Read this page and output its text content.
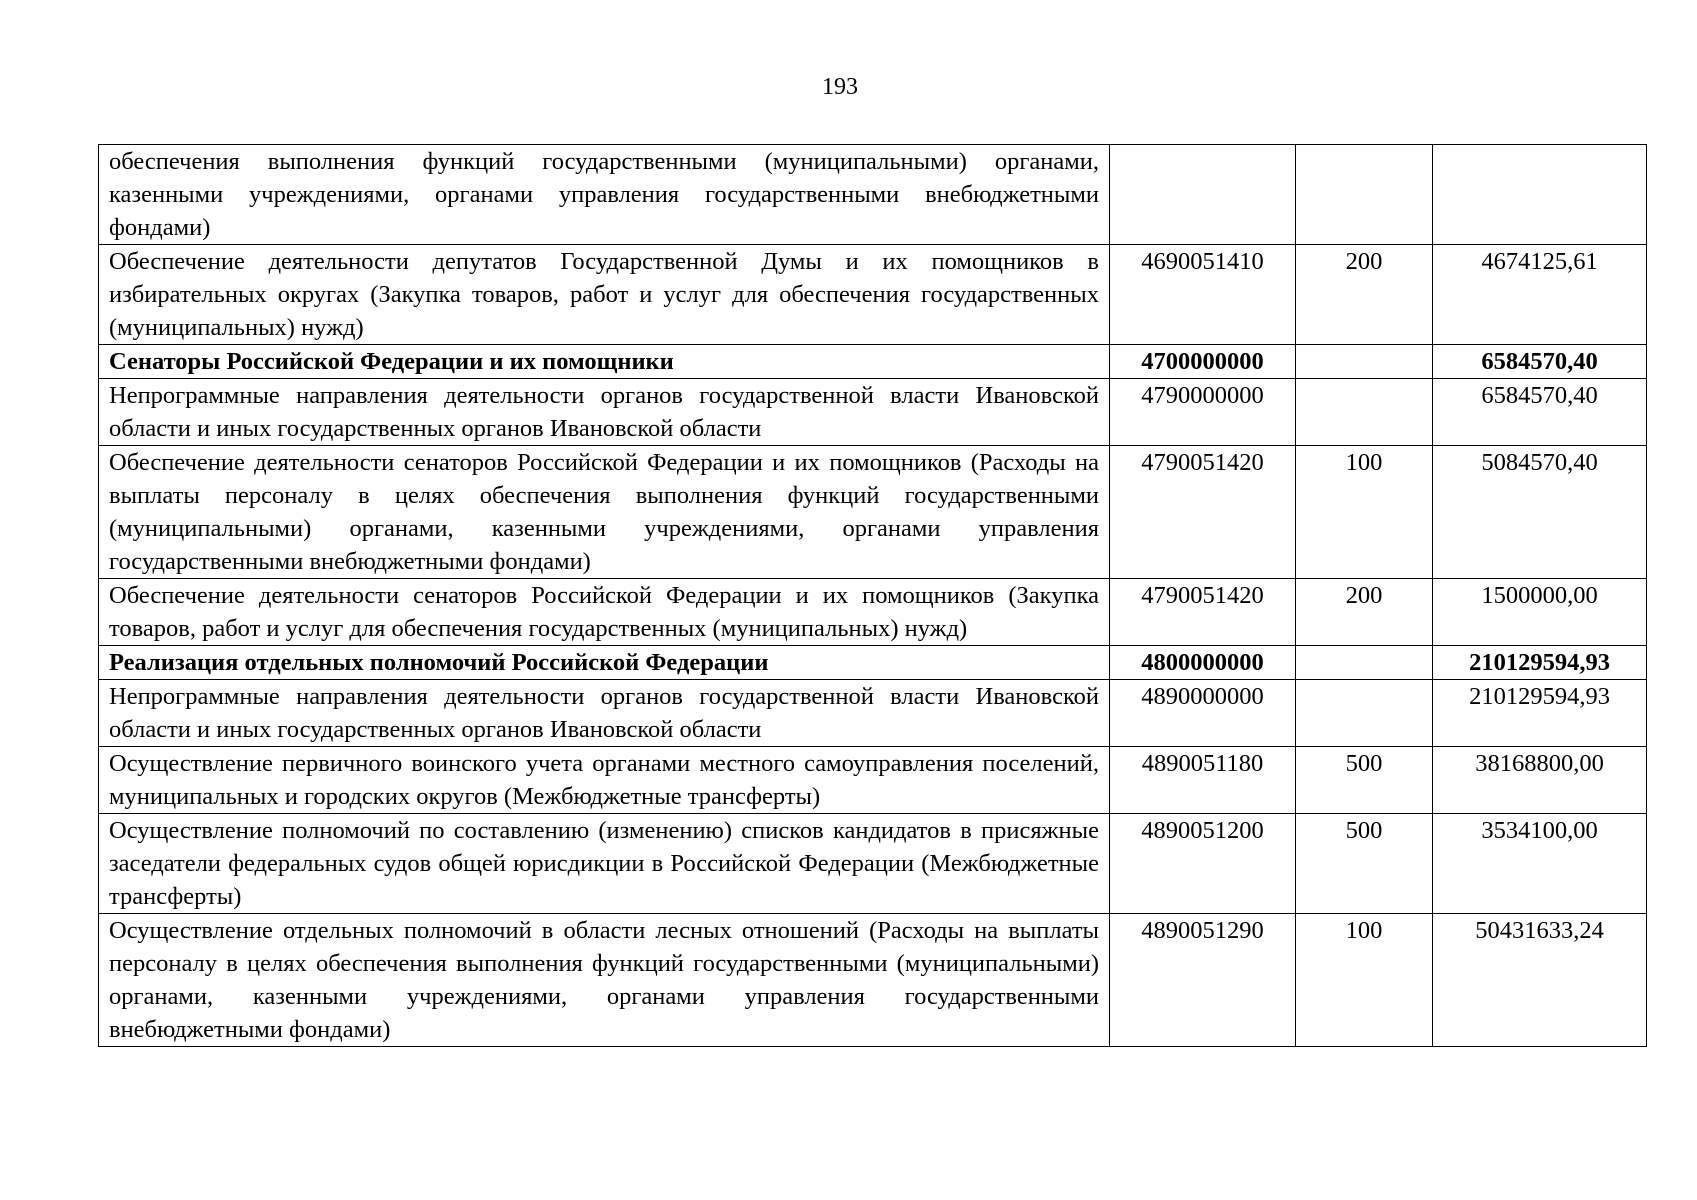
193
обеспечения выполнения функций государственными (муниципальными) органами, казенными учреждениями, органами управления государственными внебюджетными фондами)			
Обеспечение деятельности депутатов Государственной Думы и их помощников в избирательных округах (Закупка товаров, работ и услуг для обеспечения государственных (муниципальных) нужд)	4690051410	200	4674125,61
Сенаторы Российской Федерации и их помощники	4700000000		6584570,40
Непрограммные направления деятельности органов государственной власти Ивановской области и иных государственных органов Ивановской области	4790000000		6584570,40
Обеспечение деятельности сенаторов Российской Федерации и их помощников (Расходы на выплаты персоналу в целях обеспечения выполнения функций государственными (муниципальными) органами, казенными учреждениями, органами управления государственными внебюджетными фондами)	4790051420	100	5084570,40
Обеспечение деятельности сенаторов Российской Федерации и их помощников (Закупка товаров, работ и услуг для обеспечения государственных (муниципальных) нужд)	4790051420	200	1500000,00
Реализация отдельных полномочий Российской Федерации	4800000000		210129594,93
Непрограммные направления деятельности органов государственной власти Ивановской области и иных государственных органов Ивановской области	4890000000		210129594,93
Осуществление первичного воинского учета органами местного самоуправления поселений, муниципальных и городских округов (Межбюджетные трансферты)	4890051180	500	38168800,00
Осуществление полномочий по составлению (изменению) списков кандидатов в присяжные заседатели федеральных судов общей юрисдикции в Российской Федерации (Межбюджетные трансферты)	4890051200	500	3534100,00
Осуществление отдельных полномочий в области лесных отношений (Расходы на выплаты персоналу в целях обеспечения выполнения функций государственными (муниципальными) органами, казенными учреждениями, органами управления государственными внебюджетными фондами)	4890051290	100	50431633,24
